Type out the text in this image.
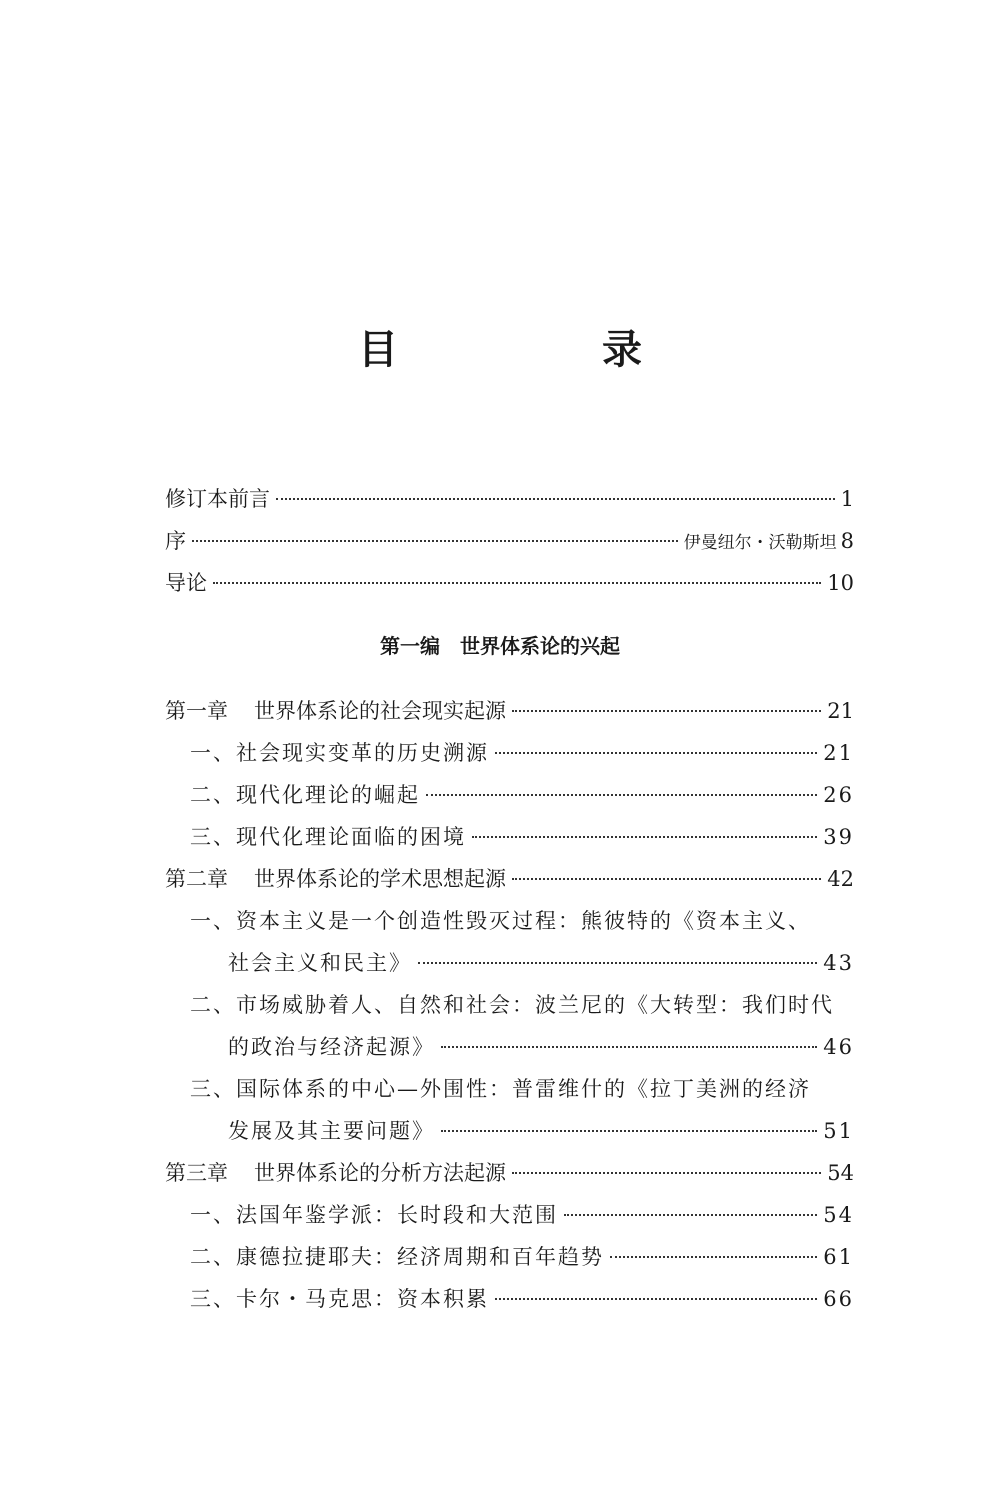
目　录
修订本前言	1
序	伊曼纽尔・沃勒斯坦 8
导论	10
第一编　世界体系论的兴起
第一章 世界体系论的社会现实起源	21
一、社会现实变革的历史溯源	21
二、现代化理论的崛起	26
三、现代化理论面临的困境	39
第二章 世界体系论的学术思想起源	42
一、资本主义是一个创造性毁灭过程：熊彼特的《资本主义、
社会主义和民主》	43
二、市场威胁着人、自然和社会：波兰尼的《大转型：我们时代
的政治与经济起源》	46
三、国际体系的中心—外围性：普雷维什的《拉丁美洲的经济
发展及其主要问题》	51
第三章 世界体系论的分析方法起源	54
一、法国年鉴学派：长时段和大范围	54
二、康德拉捷耶夫：经济周期和百年趋势	61
三、卡尔・马克思：资本积累	66
